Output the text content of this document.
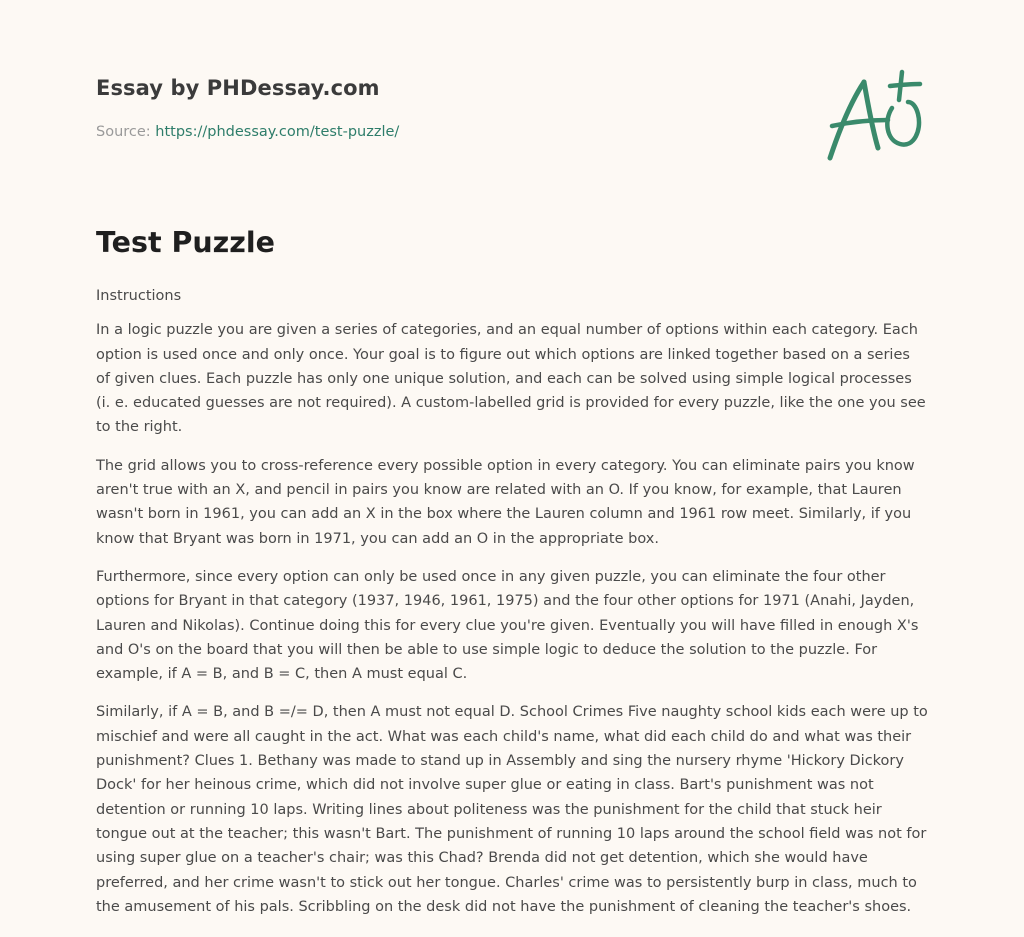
Essay by PHDessay.com
Source: https://phdessay.com/test-puzzle/
Test Puzzle

Instructions

In a logic puzzle you are given a series of categories, and an equal number of options within each category. Each option is used once and only once. Your goal is to figure out which options are linked together based on a series of given clues. Each puzzle has only one unique solution, and each can be solved using simple logical processes (i. e. educated guesses are not required). A custom-labelled grid is provided for every puzzle, like the one you see to the right.

The grid allows you to cross-reference every possible option in every category. You can eliminate pairs you know aren't true with an X, and pencil in pairs you know are related with an O. If you know, for example, that Lauren wasn't born in 1961, you can add an X in the box where the Lauren column and 1961 row meet. Similarly, if you know that Bryant was born in 1971, you can add an O in the appropriate box.

Furthermore, since every option can only be used once in any given puzzle, you can eliminate the four other options for Bryant in that category (1937, 1946, 1961, 1975) and the four other options for 1971 (Anahi, Jayden, Lauren and Nikolas). Continue doing this for every clue you're given. Eventually you will have filled in enough X's and O's on the board that you will then be able to use simple logic to deduce the solution to the puzzle. For example, if A = B, and B = C, then A must equal C.

Similarly, if A = B, and B =/= D, then A must not equal D. School Crimes Five naughty school kids each were up to mischief and were all caught in the act. What was each child's name, what did each child do and what was their punishment? Clues 1. Bethany was made to stand up in Assembly and sing the nursery rhyme 'Hickory Dickory Dock' for her heinous crime, which did not involve super glue or eating in class. Bart's punishment was not detention or running 10 laps. Writing lines about politeness was the punishment for the child that stuck heir tongue out at the teacher; this wasn't Bart. The punishment of running 10 laps around the school field was not for using super glue on a teacher's chair; was this Chad? Brenda did not get detention, which she would have preferred, and her crime wasn't to stick out her tongue. Charles' crime was to persistently burp in class, much to the amusement of his pals. Scribbling on the desk did not have the punishment of cleaning the teacher's shoes.
